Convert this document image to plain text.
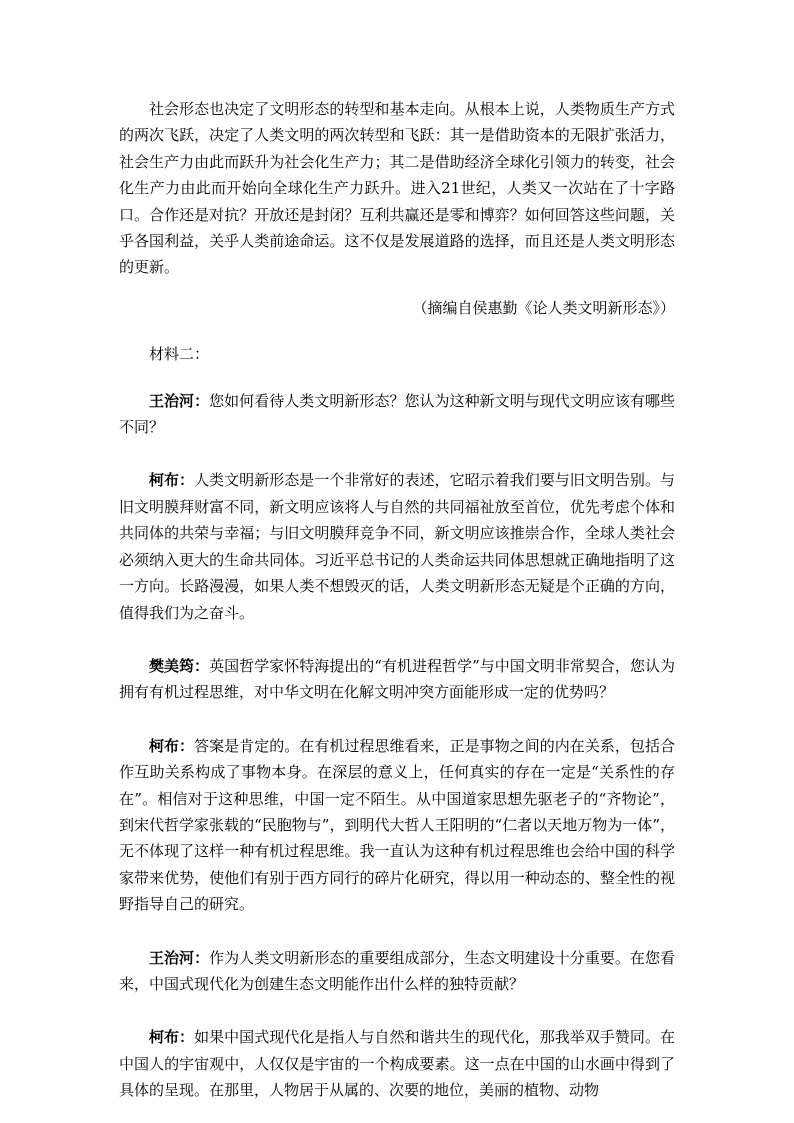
社会形态也决定了文明形态的转型和基本走向。从根本上说，人类物质生产方式的两次飞跃，决定了人类文明的两次转型和飞跃：其一是借助资本的无限扩张活力，社会生产力由此而跃升为社会化生产力；其二是借助经济全球化引领力的转变，社会化生产力由此而开始向全球化生产力跃升。进入21世纪，人类又一次站在了十字路口。合作还是对抗？开放还是封闭？互利共赢还是零和博弈？如何回答这些问题，关乎各国利益，关乎人类前途命运。这不仅是发展道路的选择，而且还是人类文明形态的更新。

（摘编自侯惠勤《论人类文明新形态》）

材料二：

王治河：您如何看待人类文明新形态？您认为这种新文明与现代文明应该有哪些不同？

柯布：人类文明新形态是一个非常好的表述，它昭示着我们要与旧文明告别。与旧文明膜拜财富不同，新文明应该将人与自然的共同福祉放至首位，优先考虑个体和共同体的共荣与幸福；与旧文明膜拜竞争不同，新文明应该推崇合作，全球人类社会必须纳入更大的生命共同体。习近平总书记的人类命运共同体思想就正确地指明了这一方向。长路漫漫，如果人类不想毁灭的话，人类文明新形态无疑是个正确的方向，值得我们为之奋斗。

樊美筠：英国哲学家怀特海提出的“有机进程哲学”与中国文明非常契合，您认为拥有有机过程思维，对中华文明在化解文明冲突方面能形成一定的优势吗？

柯布：答案是肯定的。在有机过程思维看来，正是事物之间的内在关系，包括合作互助关系构成了事物本身。在深层的意义上，任何真实的存在一定是“关系性的存在”。相信对于这种思维，中国一定不陌生。从中国道家思想先驱老子的“齐物论”，到宋代哲学家张载的“民胞物与”，到明代大哲人王阳明的“仁者以天地万物为一体”，无不体现了这样一种有机过程思维。我一直认为这种有机过程思维也会给中国的科学家带来优势，使他们有别于西方同行的碎片化研究，得以用一种动态的、整全性的视野指导自己的研究。

王治河：作为人类文明新形态的重要组成部分，生态文明建设十分重要。在您看来，中国式现代化为创建生态文明能作出什么样的独特贡献？

柯布：如果中国式现代化是指人与自然和谐共生的现代化，那我举双手赞同。在中国人的宇宙观中，人仅仅是宇宙的一个构成要素。这一点在中国的山水画中得到了具体的呈现。在那里，人物居于从属的、次要的地位，美丽的植物、动物
